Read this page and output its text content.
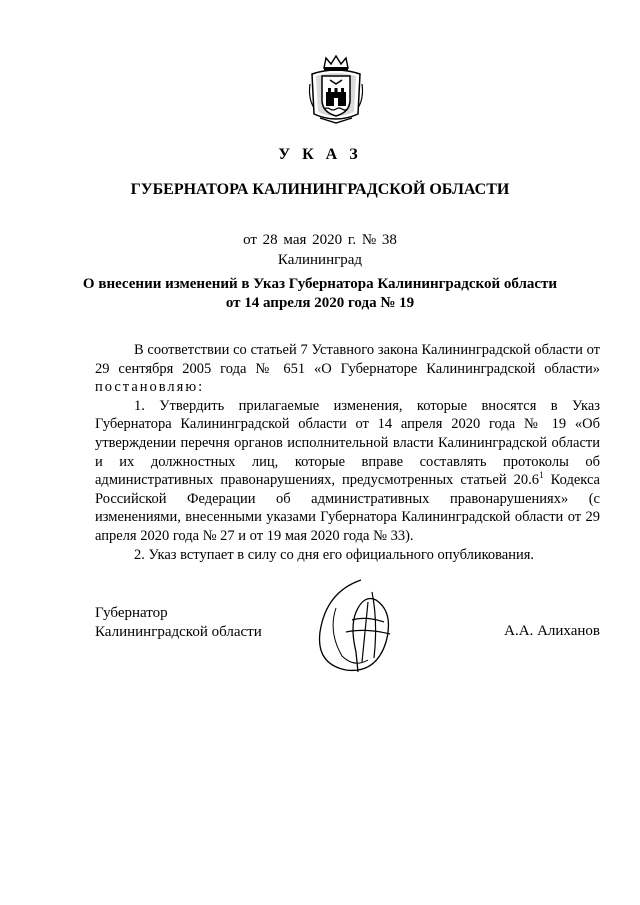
У К А З
ГУБЕРНАТОРА КАЛИНИНГРАДСКОЙ ОБЛАСТИ
от 28 мая 2020 г. № 38
Калининград
О внесении изменений в Указ Губернатора Калининградской области
от 14 апреля 2020 года № 19

В соответствии со статьей 7 Уставного закона Калининградской области от 29 сентября 2005 года № 651 «О Губернаторе Калининградской области» постановляю:

1. Утвердить прилагаемые изменения, которые вносятся в Указ Губернатора Калининградской области от 14 апреля 2020 года № 19 «Об утверждении перечня органов исполнительной власти Калининградской области и их должностных лиц, которые вправе составлять протоколы об административных правонарушениях, предусмотренных статьей 20.6$^1$ Кодекса Российской Федерации об административных правонарушениях» (с изменениями, внесенными указами Губернатора Калининградской области от 29 апреля 2020 года № 27 и от 19 мая 2020 года № 33).

2. Указ вступает в силу со дня его официального опубликования.

Губернатор
Калининградской области	А.А. Алиханов
